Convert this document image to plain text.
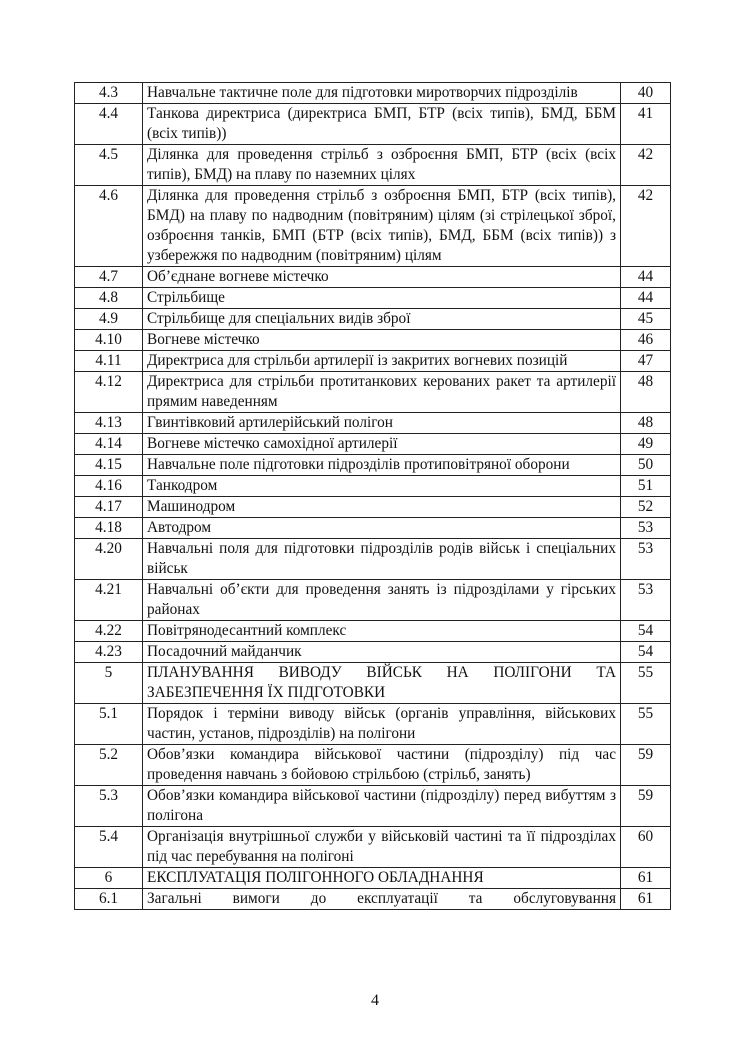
4.3	Навчальне тактичне поле для підготовки миротворчих підрозділів	40
4.4	Танкова директриса (директриса БМП, БТР (всіх типів), БМД, ББМ (всіх типів))	41
4.5	Ділянка для проведення стрільб з озброєння БМП, БТР (всіх (всіх типів), БМД) на плаву по наземних цілях	42
4.6	Ділянка для проведення стрільб з озброєння БМП, БТР (всіх типів), БМД) на плаву по надводним (повітряним) цілям (зі стрілецької зброї, озброєння танків, БМП (БТР (всіх типів), БМД, ББМ (всіх типів)) з узбережжя по надводним (повітряним) цілям	42
4.7	Об’єднане вогневе містечко	44
4.8	Стрільбище	44
4.9	Стрільбище для спеціальних видів зброї	45
4.10	Вогневе містечко	46
4.11	Директриса для стрільби артилерії із закритих вогневих позицій	47
4.12	Директриса для стрільби протитанкових керованих ракет та артилерії прямим наведенням	48
4.13	Гвинтівковий артилерійський полігон	48
4.14	Вогневе містечко самохідної артилерії	49
4.15	Навчальне поле підготовки підрозділів протиповітряної оборони	50
4.16	Танкодром	51
4.17	Машинодром	52
4.18	Автодром	53
4.20	Навчальні поля для підготовки підрозділів родів військ і спеціальних військ	53
4.21	Навчальні об’єкти для проведення занять із підрозділами у гірських районах	53
4.22	Повітрянодесантний комплекс	54
4.23	Посадочний майданчик	54
5	ПЛАНУВАННЯ ВИВОДУ ВІЙСЬК НА ПОЛІГОНИ ТА ЗАБЕЗПЕЧЕННЯ ЇХ ПІДГОТОВКИ	55
5.1	Порядок і терміни виводу військ (органів управління, військових частин, установ, підрозділів) на полігони	55
5.2	Обов’язки командира військової частини (підрозділу) під час проведення навчань з бойовою стрільбою (стрільб, занять)	59
5.3	Обов’язки командира військової частини (підрозділу) перед вибуттям з полігона	59
5.4	Організація внутрішньої служби у військовій частині та її підрозділах під час перебування на полігоні	60
6	ЕКСПЛУАТАЦІЯ ПОЛІГОННОГО ОБЛАДНАННЯ	61
6.1	Загальні вимоги до експлуатації та обслуговування	61
4
